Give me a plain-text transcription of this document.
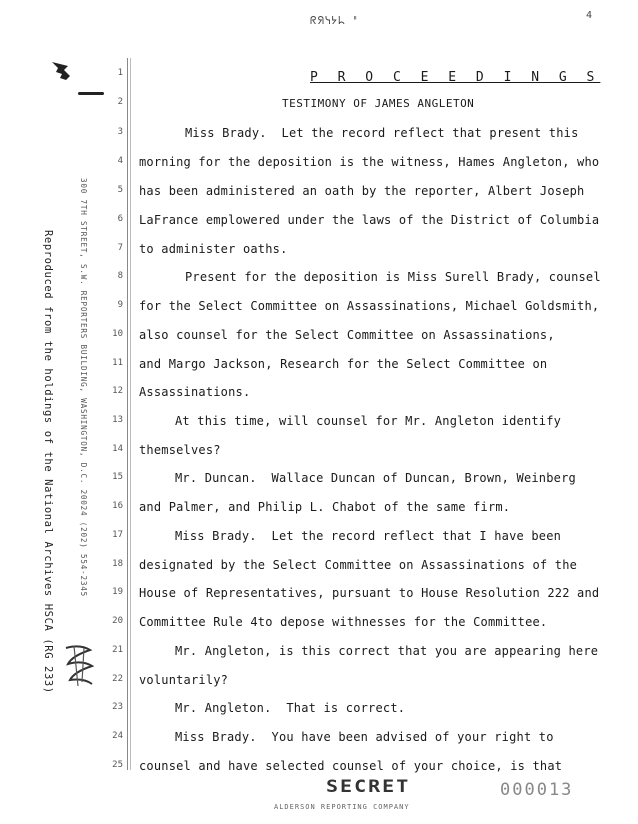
ᖇᖆᓭᔭᖺ ᐦ	4
Reproduced from the holdings of the National Archives HSCA (RG 233)	300 7TH STREET, S.W. REPORTERS BUILDING, WASHINGTON, D.C. 20024 (202) 554-2345
1
2
P R O C E E D I N G S
TESTIMONY OF JAMES ANGLETON
3	Miss Brady.  Let the record reflect that present this
4 morning for the deposition is the witness, Hames Angleton, who
5 has been administered an oath by the reporter, Albert Joseph
6 LaFrance emplowered under the laws of the District of Columbia
7 to administer oaths.
8	Present for the deposition is Miss Surell Brady, counsel
9 for the Select Committee on Assassinations, Michael Goldsmith,
10 also counsel for the Select Committee on Assassinations,
11 and Margo Jackson, Research for the Select Committee on
12 Assassinations.
13	At this time, will counsel for Mr. Angleton identify
14 themselves?
15	Mr. Duncan.  Wallace Duncan of Duncan, Brown, Weinberg
16 and Palmer, and Philip L. Chabot of the same firm.
17	Miss Brady.  Let the record reflect that I have been
18 designated by the Select Committee on Assassinations of the
19 House of Representatives, pursuant to House Resolution 222 and
20 Committee Rule 4to depose withnesses for the Committee.
21	Mr. Angleton, is this correct that you are appearing here
22 voluntarily?
23	Mr. Angleton.  That is correct.
24	Miss Brady.  You have been advised of your right to
25 counsel and have selected counsel of your choice, is that
SECRET	000013
ALDERSON REPORTING COMPANY
